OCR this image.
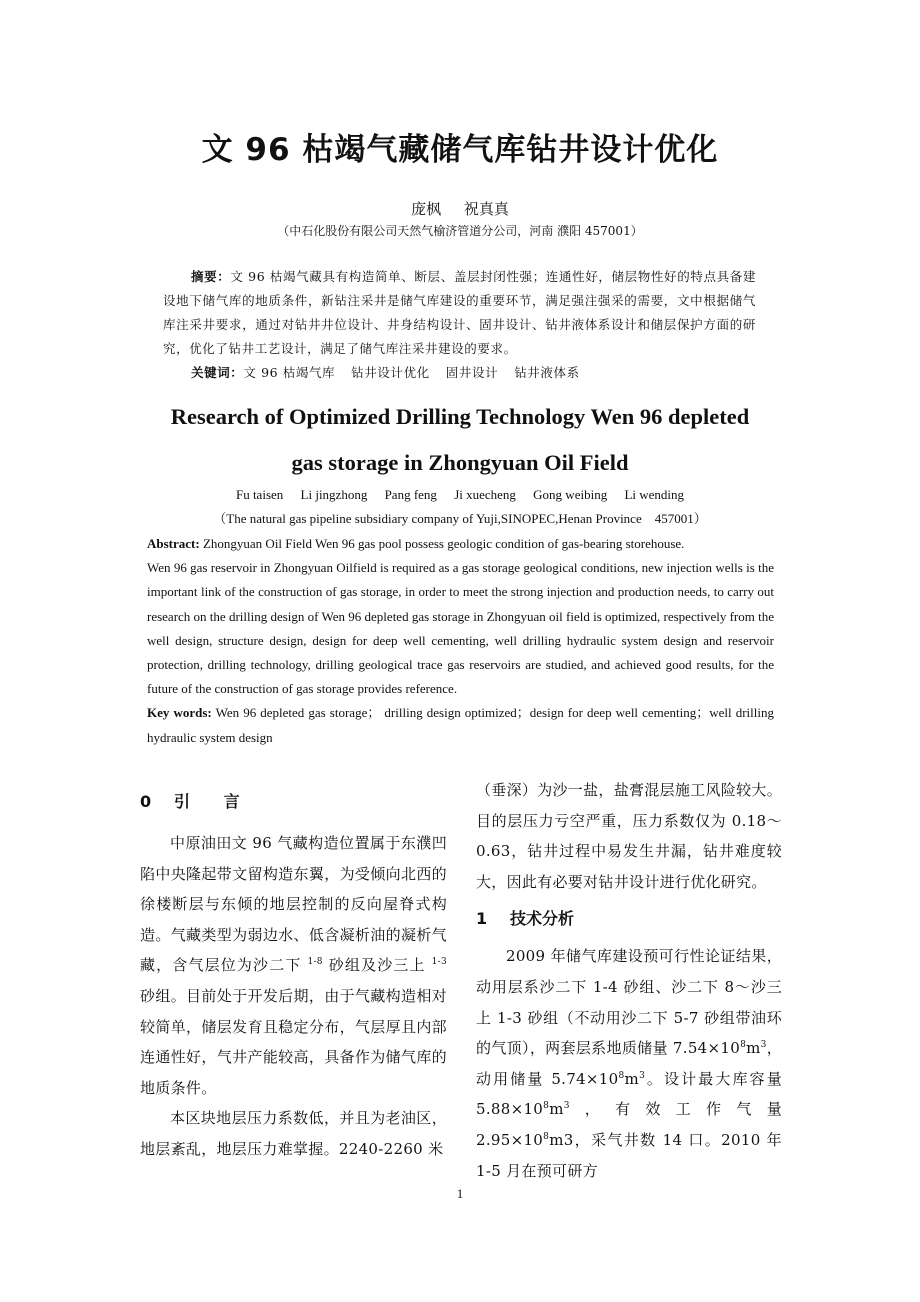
文 96 枯竭气藏储气库钻井设计优化
庞枫 祝真真
（中石化股份有限公司天然气榆济管道分公司，河南 濮阳 457001）
摘要：文 96 枯竭气藏具有构造简单、断层、盖层封闭性强；连通性好，储层物性好的特点具备建设地下储气库的地质条件，新钻注采井是储气库建设的重要环节，满足强注强采的需要，文中根据储气库注采井要求，通过对钻井井位设计、井身结构设计、固井设计、钻井液体系设计和储层保护方面的研究，优化了钻井工艺设计，满足了储气库注采井建设的要求。
关键词：文 96 枯竭气库 钻井设计优化 固井设计 钻井液体系
Research of Optimized Drilling Technology Wen 96 depleted
gas storage in Zhongyuan Oil Field
Fu taisen Li jingzhong Pang feng Ji xuecheng Gong weibing Li wending
（The natural gas pipeline subsidiary company of Yuji,SINOPEC,Henan Province    457001）

Abstract: Zhongyuan Oil Field Wen 96 gas pool possess geologic condition of gas-bearing storehouse.

Wen 96 gas reservoir in Zhongyuan Oilfield is required as a gas storage geological conditions, new injection wells is the important link of the construction of gas storage, in order to meet the strong injection and production needs, to carry out research on the drilling design of Wen 96 depleted gas storage in Zhongyuan oil field is optimized, respectively from the well design, structure design, design for deep well cementing, well drilling hydraulic system design and reservoir protection, drilling technology, drilling geological trace gas reservoirs are studied, and achieved good results, for the future of the construction of gas storage provides reference.

Key words: Wen 96 depleted gas storage； drilling design optimized；design for deep well cementing；well drilling hydraulic system design

0 引 言

中原油田文 96 气藏构造位置属于东濮凹陷中央隆起带文留构造东翼，为受倾向北西的徐楼断层与东倾的地层控制的反向屋脊式构造。气藏类型为弱边水、低含凝析油的凝析气藏，含气层位为沙二下 $^{1-8}$ 砂组及沙三上 $^{1-3}$ 砂组。目前处于开发后期，由于气藏构造相对较简单，储层发育且稳定分布，气层厚且内部连通性好，气井产能较高，具备作为储气库的地质条件。

本区块地层压力系数低，并且为老油区，地层紊乱，地层压力难掌握。2240-2260 米

（垂深）为沙一盐，盐膏混层施工风险较大。目的层压力亏空严重，压力系数仅为 0.18～0.63，钻井过程中易发生井漏，钻井难度较大，因此有必要对钻井设计进行优化研究。

1 技术分析

2009 年储气库建设预可行性论证结果，动用层系沙二下 1-4 砂组、沙二下 8～沙三上 1-3 砂组（不动用沙二下 5-7 砂组带油环的气顶），两套层系地质储量 $7.54\times 10^8m^3$，动用储量 $5.74\times 10^8m^3$。设计最大库容量 $5.88\times 10^8m^3$，有效工作气量 $2.95\times 10^8m3$，采气井数 14 口。2010 年 1-5 月在预可研方

1
